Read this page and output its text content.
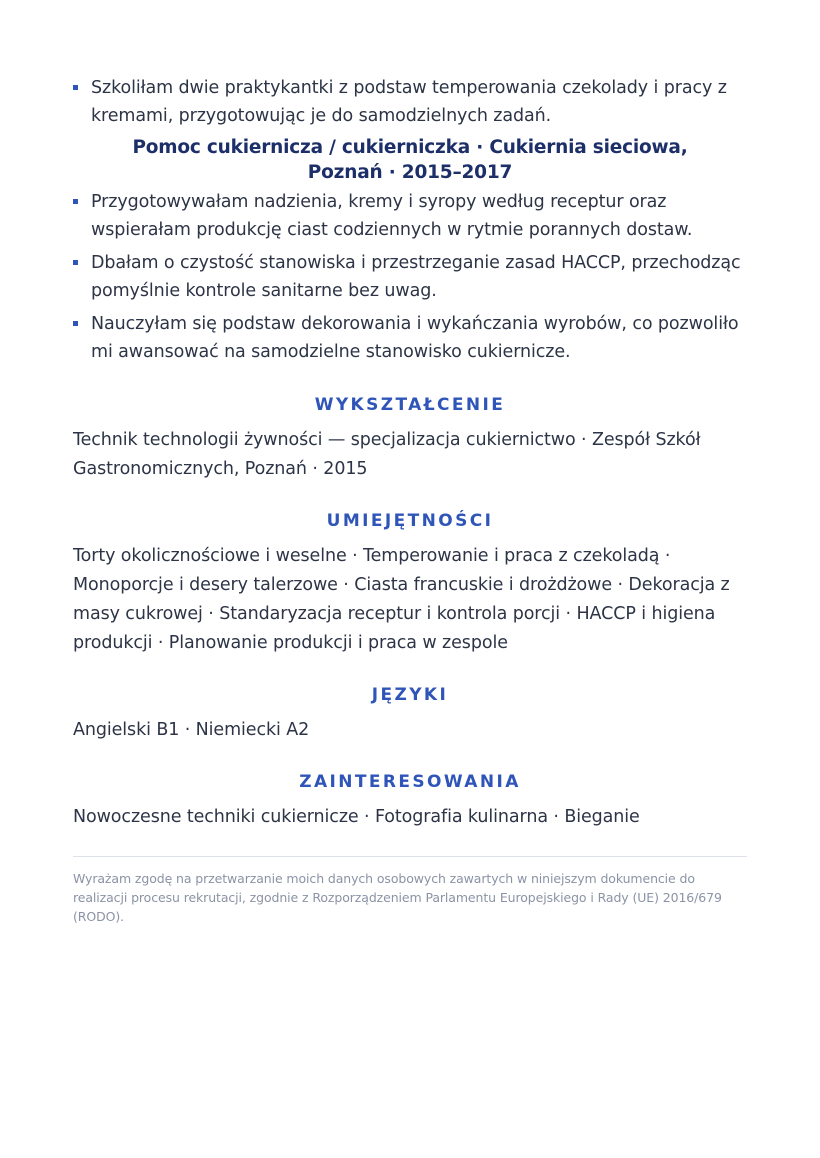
Szkoliłam dwie praktykantki z podstaw temperowania czekolady i pracy z kremami, przygotowując je do samodzielnych zadań.
Pomoc cukiernicza / cukierniczka · Cukiernia sieciowa, Poznań · 2015–2017
Przygotowywałam nadzienia, kremy i syropy według receptur oraz wspierałam produkcję ciast codziennych w rytmie porannych dostaw.
Dbałam o czystość stanowiska i przestrzeganie zasad HACCP, przechodząc pomyślnie kontrole sanitarne bez uwag.
Nauczyłam się podstaw dekorowania i wykańczania wyrobów, co pozwoliło mi awansować na samodzielne stanowisko cukiernicze.
WYKSZTAŁCENIE
Technik technologii żywności — specjalizacja cukiernictwo · Zespół Szkół Gastronomicznych, Poznań · 2015
UMIEJĘTNOŚCI
Torty okolicznościowe i weselne · Temperowanie i praca z czekoladą · Monoporcje i desery talerzowe · Ciasta francuskie i drożdżowe · Dekoracja z masy cukrowej · Standaryzacja receptur i kontrola porcji · HACCP i higiena produkcji · Planowanie produkcji i praca w zespole
JĘZYKI
Angielski B1 · Niemiecki A2
ZAINTERESOWANIA
Nowoczesne techniki cukiernicze · Fotografia kulinarna · Bieganie
Wyrażam zgodę na przetwarzanie moich danych osobowych zawartych w niniejszym dokumencie do realizacji procesu rekrutacji, zgodnie z Rozporządzeniem Parlamentu Europejskiego i Rady (UE) 2016/679 (RODO).
